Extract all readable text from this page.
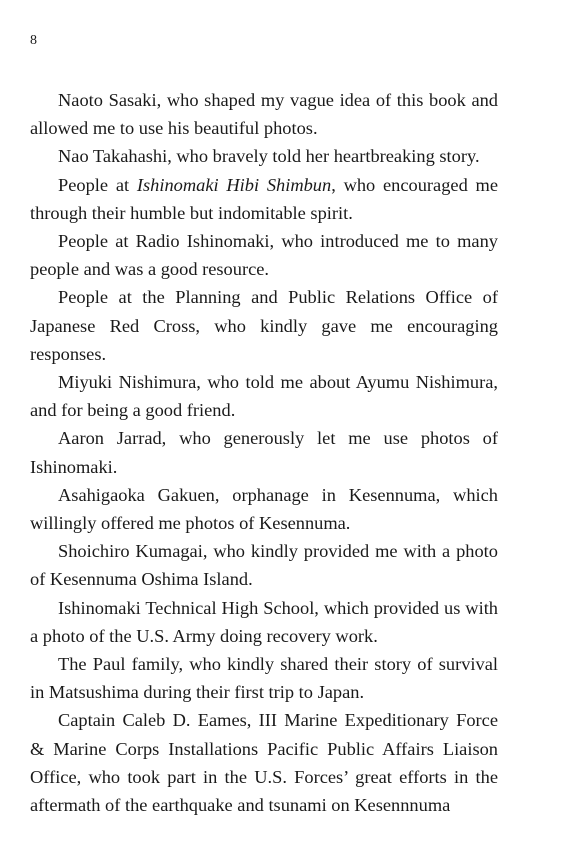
8

Naoto Sasaki, who shaped my vague idea of this book and allowed me to use his beautiful photos.

Nao Takahashi, who bravely told her heartbreaking story.

People at Ishinomaki Hibi Shimbun, who encouraged me through their humble but indomitable spirit.

People at Radio Ishinomaki, who introduced me to many people and was a good resource.

People at the Planning and Public Relations Office of Japanese Red Cross, who kindly gave me encouraging responses.

Miyuki Nishimura, who told me about Ayumu Nishimura, and for being a good friend.

Aaron Jarrad, who generously let me use photos of Ishinomaki.

Asahigaoka Gakuen, orphanage in Kesennuma, which willingly offered me photos of Kesennuma.

Shoichiro Kumagai, who kindly provided me with a photo of Kesennuma Oshima Island.

Ishinomaki Technical High School, which provided us with a photo of the U.S. Army doing recovery work.

The Paul family, who kindly shared their story of survival in Matsushima during their first trip to Japan.

Captain Caleb D. Eames, III Marine Expeditionary Force & Marine Corps Installations Pacific Public Affairs Liaison Office, who took part in the U.S. Forces’ great efforts in the aftermath of the earthquake and tsunami on Kesennnuma
